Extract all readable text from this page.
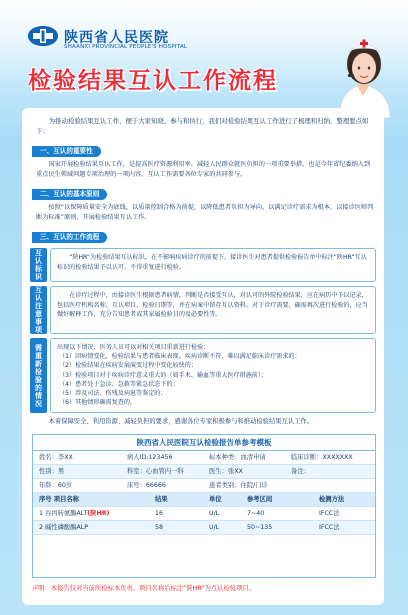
陕西省人民医院
SHAANXI PROVINCIAL PEOPLE'S HOSPITAL
检验结果互认工作流程
为推动检验结果互认工作，便于大家知晓、参与和执行，我们对检验结果互认工作进行了梳理和归纳，整理要点如下：
一、互认的重要性
国家开展检验结果互认工作，是提高医疗资源利用率、减轻人民群众就医负担的一项重要举措，也是今年省纪委纳入到重点民生领域问题专项治理的一项内容，互认工作需要各位专家的共同参与。
二、互认的基本原则
按照“以保障质量安全为底线，以质量控制合格为前提，以降低患者负担为导向，以满足诊疗需求为根本，以接诊医师判断为标准”原则，开展检验结果互认工作。
三、互认的工作流程
互认标识	“陕HR”为检验结果互认标识，在不影响疾病诊疗的前提下，接诊医生对患者提供检验报告单中标注“陕HR”互认标识的检验结果予以认可，不得重复进行检验。
互认注意事项	在诊疗过程中，由接诊医生根据患者病情，判断是否接受互认，对认可的外院检验结果，应在病历中予以记录，包括医疗机构名称、互认项目、检验日期等，并在病案中留存互认资料。对于诊疗需要、确需再次进行检验的，应当做好解释工作，充分告知患者或其家属检验目的及必要性等。
需重新检验的情况	出现以下情况，医务人员可以对相关项目重新进行检验：
（1）因病情变化，检验结果与患者临床表现、疾病诊断不符，难以满足临床诊疗需求的；
（2）检验结果在疾病发展演变过程中变化较快的；
（3）检验项目对于疾病诊疗意义重大的（如手术、输血等重大医疗措施前）；
（4）患者处于急诊、急救等紧急状态下的；
（5）涉及司法、伤残及病退等鉴定的；
（6）其他情形确需复查的。
本着保障安全、利用资源、减轻负担的要求，感谢各位专家积极参与和推动检验结果互认工作。
陕西省人民医院互认检验报告单参考模板
姓名：李XX	病人ID:123456	标本种类：血清申请	临床诊断：XXXXXXX
性别：男	科室：心血管内一科	医生：张XX	备注：
年龄：60岁	床号：66666	患者类别：住院/门诊
序号 项目名称	结果	单位	参考区间	检测方法
1 谷丙转氨酶ALT(陕HR)	16	U/L	7~40	IFCC法
2 碱性磷酸酶ALP	58	U/L	50~135	IFCC法
声明：本报告仅对当前所检标本负责。项目名称后标注“陕HR”为互认检验项目。
